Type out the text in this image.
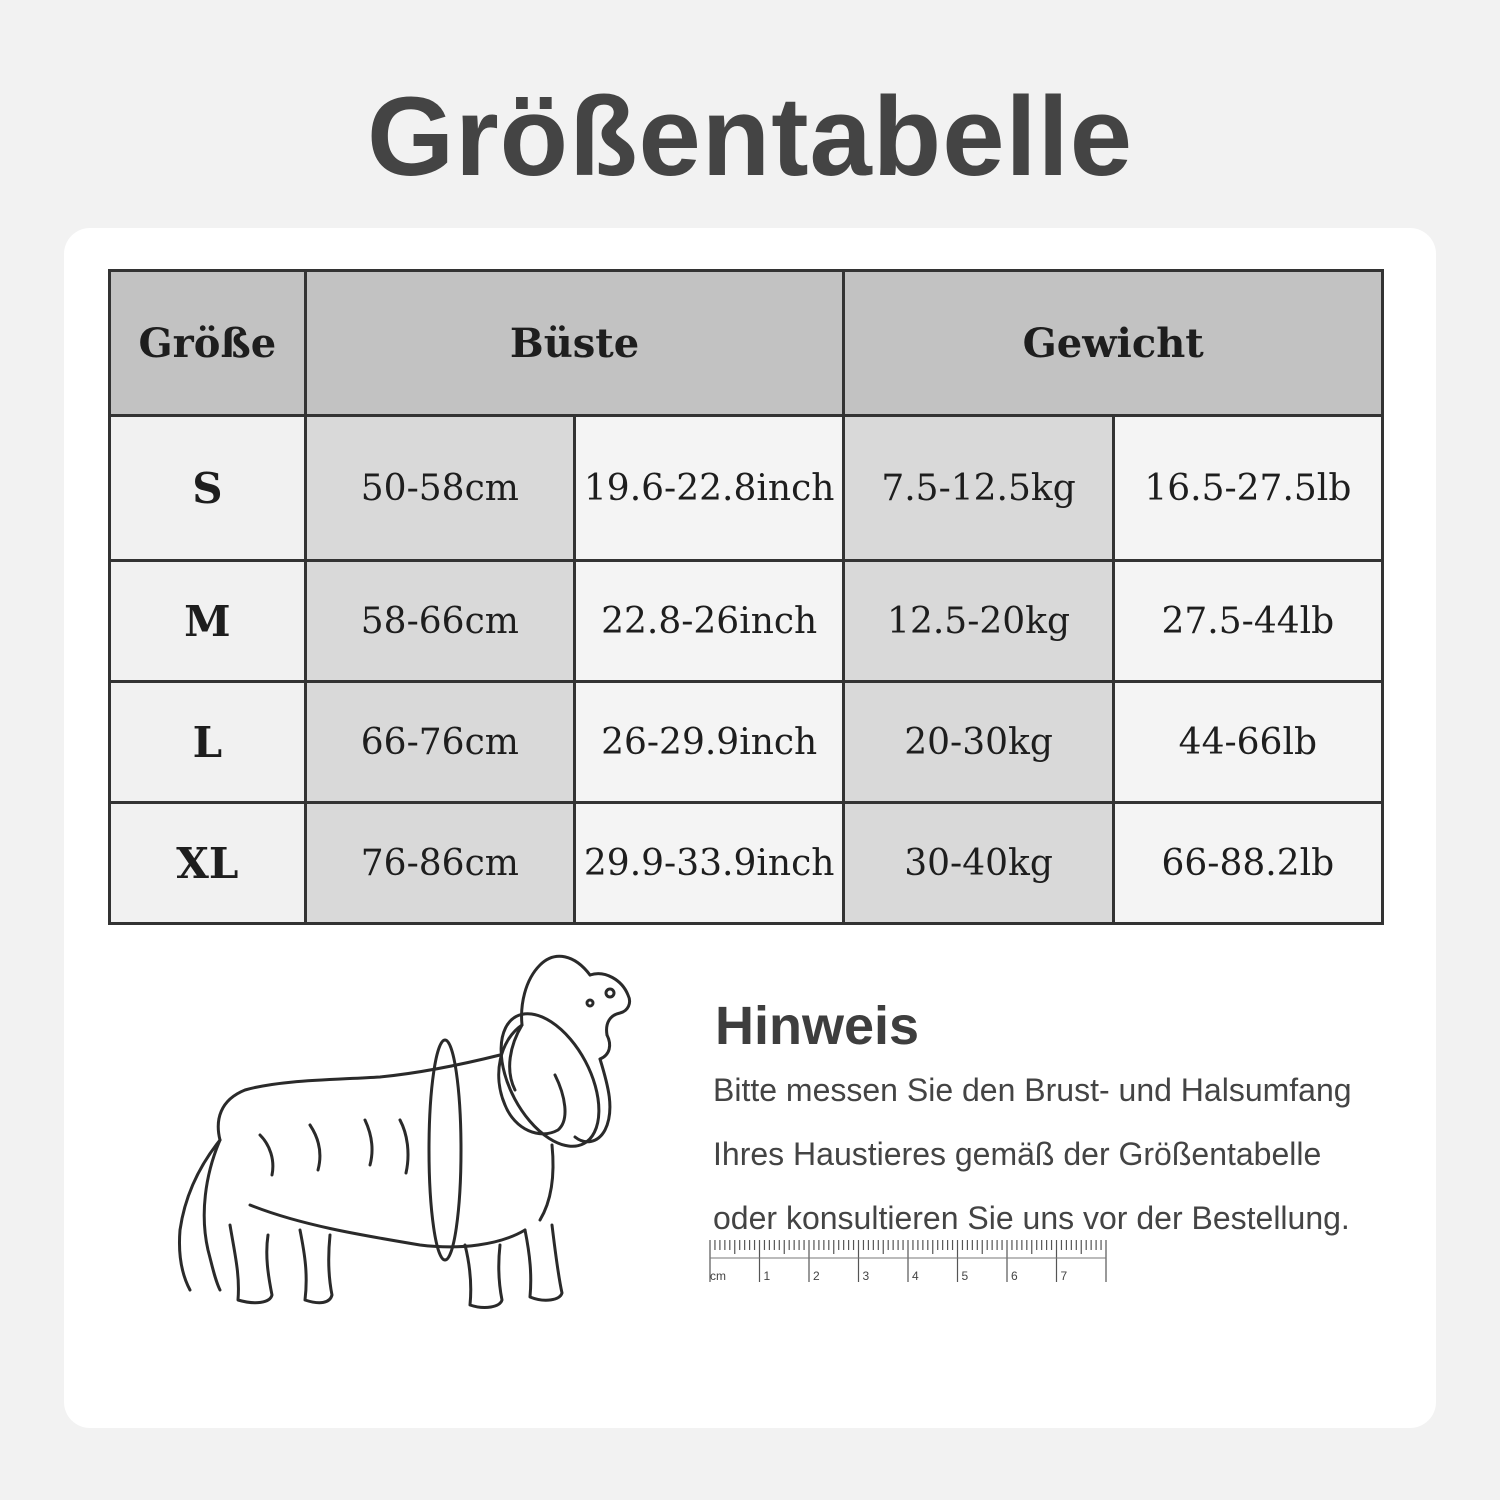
Größentabelle
Größe	Büste		Gewicht	
S	50-58cm	19.6-22.8inch	7.5-12.5kg	16.5-27.5lb
M	58-66cm	22.8-26inch	12.5-20kg	27.5-44lb
L	66-76cm	26-29.9inch	20-30kg	44-66lb
XL	76-86cm	29.9-33.9inch	30-40kg	66-88.2lb
Hinweis
Bitte messen Sie den Brust- und Halsumfang
Ihres Haustieres gemäß der Größentabelle
oder konsultieren Sie uns vor der Bestellung.
cm	1	2	3	4	5	6	7
